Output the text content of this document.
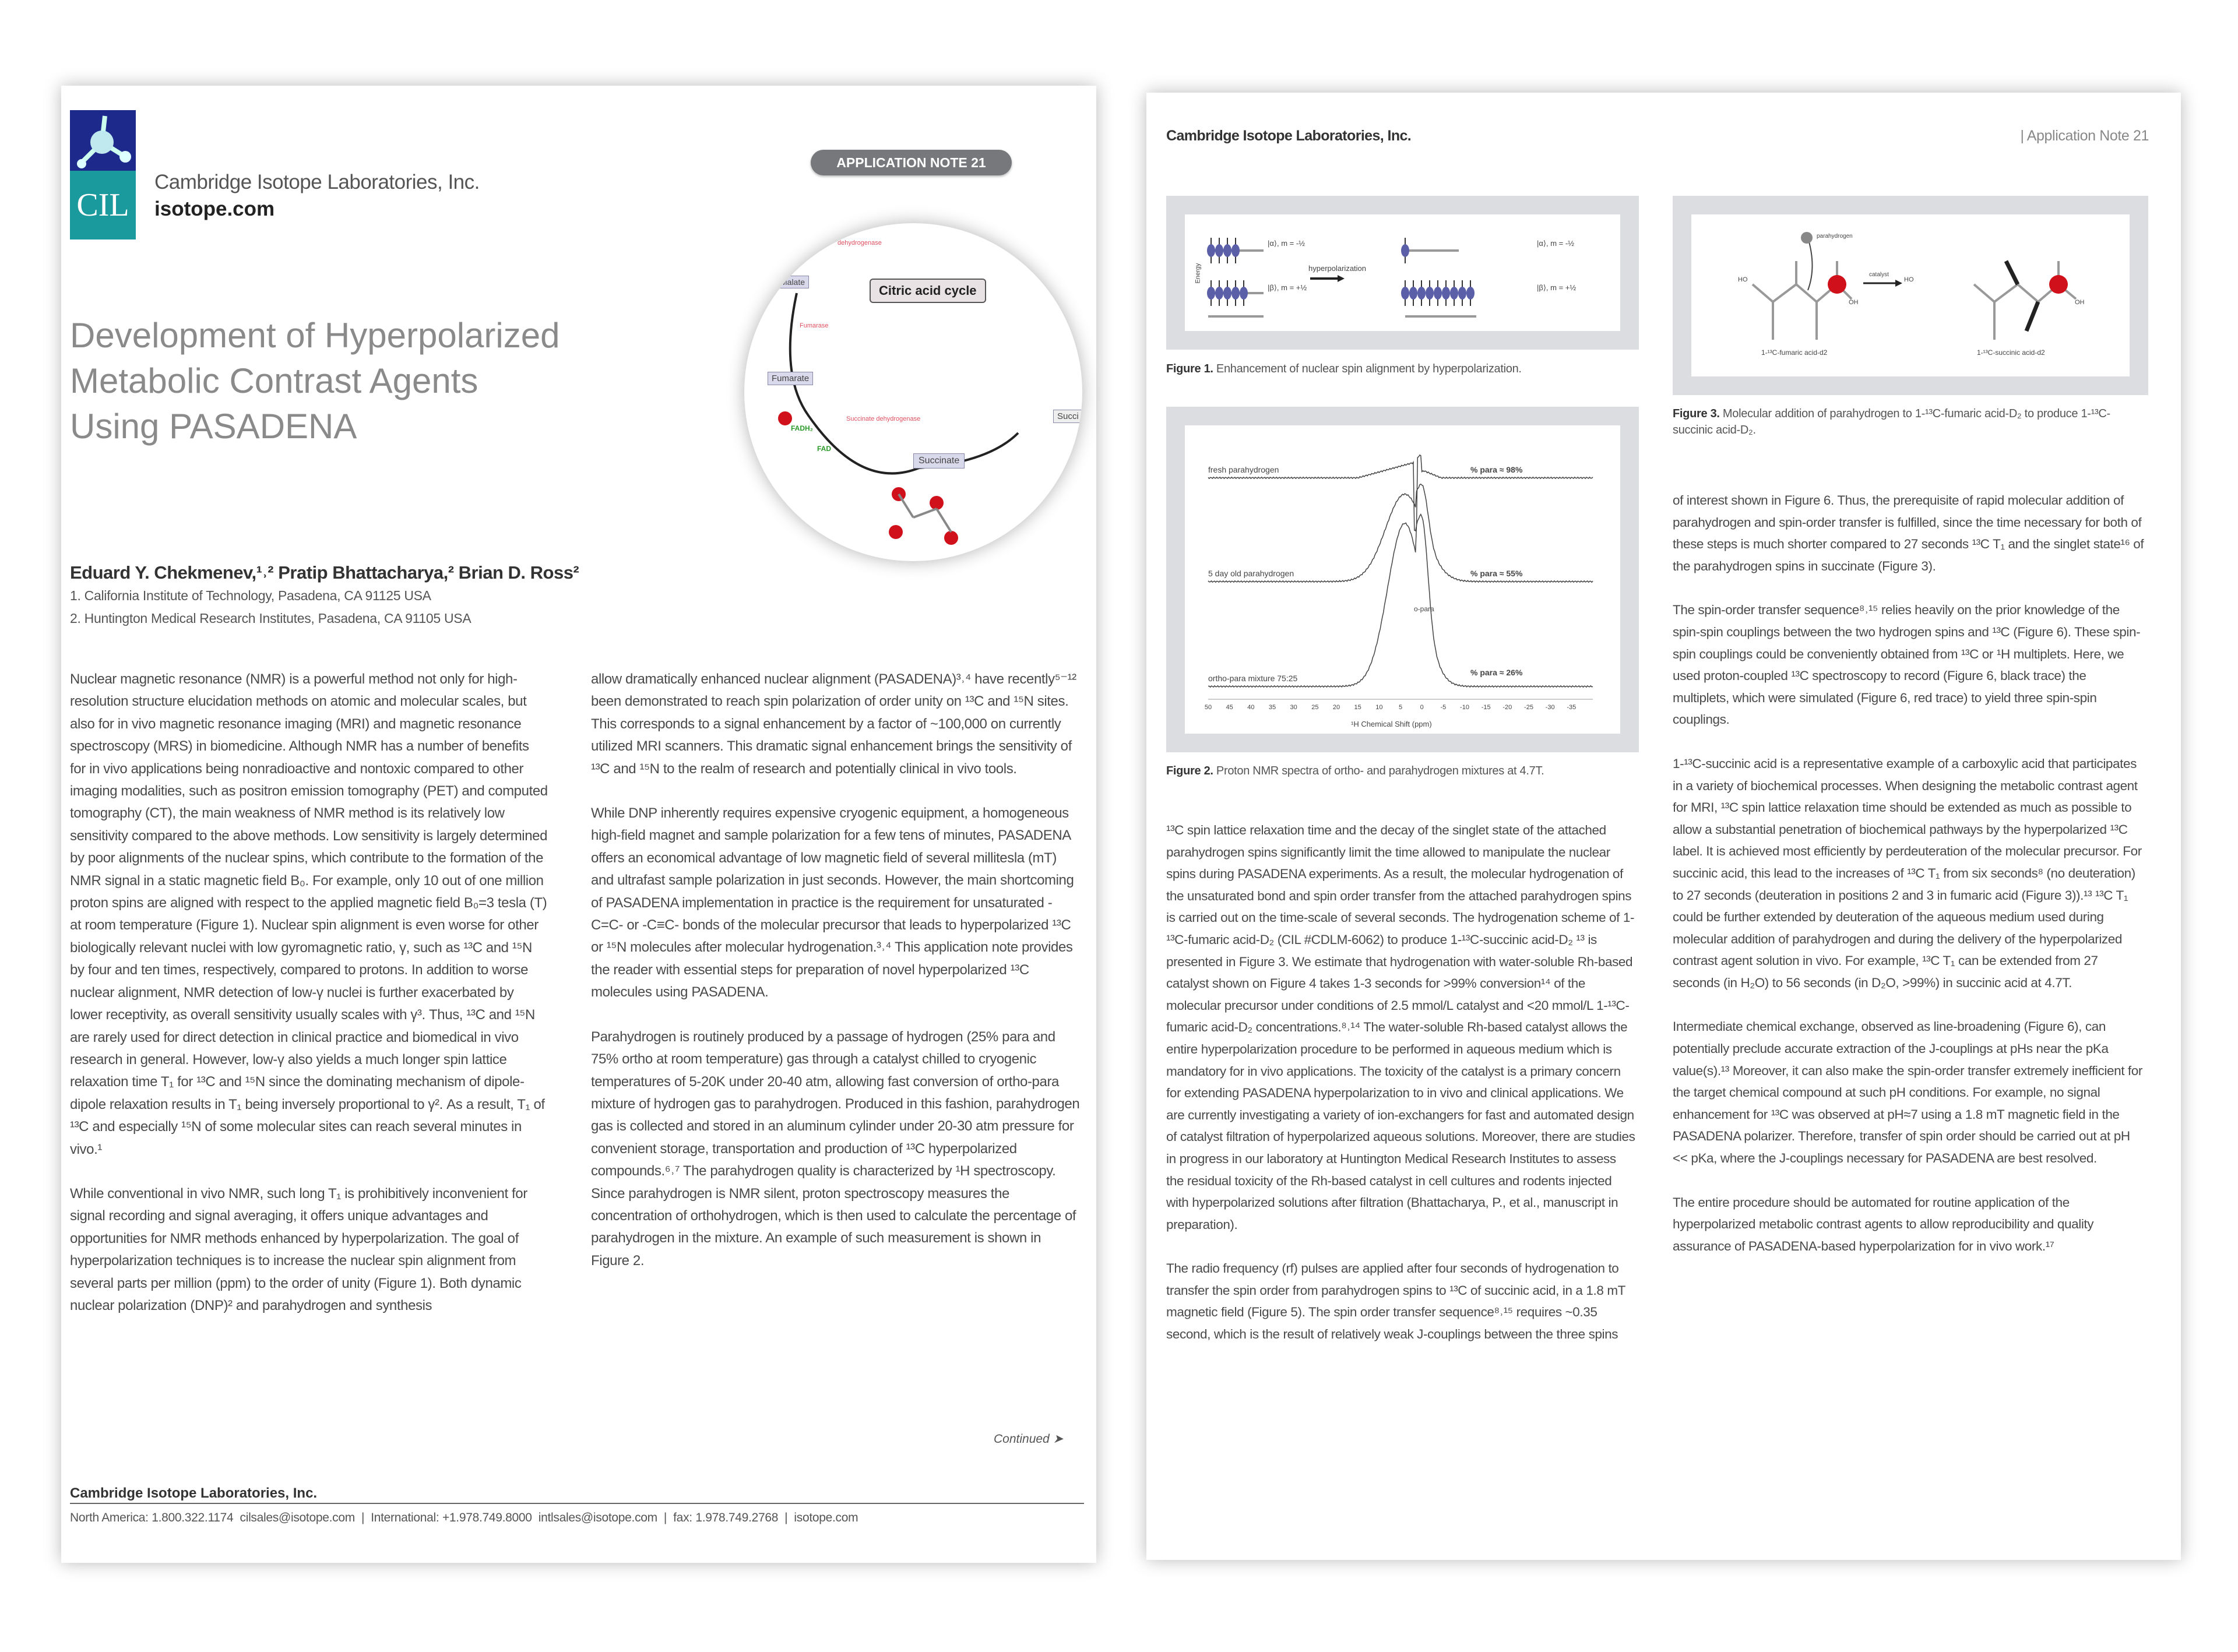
CIL
Cambridge Isotope Laboratories, Inc.
isotope.com
APPLICATION NOTE 21
Citric acid cycle
Malate
Fumarate
Succinate
Succi
dehydrogenase
Fumarase
Succinate dehydrogenase
FADH₂
FAD
Development of Hyperpolarized
Metabolic Contrast Agents
Using PASADENA
Eduard Y. Chekmenev,¹˒² Pratip Bhattacharya,² Brian D. Ross²
1. California Institute of Technology, Pasadena, CA 91125 USA
2. Huntington Medical Research Institutes, Pasadena, CA 91105 USA

Nuclear magnetic resonance (NMR) is a powerful method not only for high-resolution structure elucidation methods on atomic and molecular scales, but also for in vivo magnetic resonance imaging (MRI) and magnetic resonance spectroscopy (MRS) in biomedicine. Although NMR has a number of benefits for in vivo applications being nonradioactive and nontoxic compared to other imaging modalities, such as positron emission tomography (PET) and computed tomography (CT), the main weakness of NMR method is its relatively low sensitivity compared to the above methods. Low sensitivity is largely determined by poor alignments of the nuclear spins, which contribute to the formation of the NMR signal in a static magnetic field B₀. For example, only 10 out of one million proton spins are aligned with respect to the applied magnetic field B₀=3 tesla (T) at room temperature (Figure 1). Nuclear spin alignment is even worse for other biologically relevant nuclei with low gyromagnetic ratio, γ, such as ¹³C and ¹⁵N by four and ten times, respectively, compared to protons. In addition to worse nuclear alignment, NMR detection of low-γ nuclei is further exacerbated by lower receptivity, as overall sensitivity usually scales with γ³. Thus, ¹³C and ¹⁵N are rarely used for direct detection in clinical practice and biomedical in vivo research in general. However, low-γ also yields a much longer spin lattice relaxation time T₁ for ¹³C and ¹⁵N since the dominating mechanism of dipole-dipole relaxation results in T₁ being inversely proportional to γ². As a result, T₁ of ¹³C and especially ¹⁵N of some molecular sites can reach several minutes in vivo.¹

While conventional in vivo NMR, such long T₁ is prohibitively inconvenient for signal recording and signal averaging, it offers unique advantages and opportunities for NMR methods enhanced by hyperpolarization. The goal of hyperpolarization techniques is to increase the nuclear spin alignment from several parts per million (ppm) to the order of unity (Figure 1). Both dynamic nuclear polarization (DNP)² and parahydrogen and synthesis

allow dramatically enhanced nuclear alignment (PASADENA)³˒⁴ have recently⁵⁻¹² been demonstrated to reach spin polarization of order unity on ¹³C and ¹⁵N sites. This corresponds to a signal enhancement by a factor of ~100,000 on currently utilized MRI scanners. This dramatic signal enhancement brings the sensitivity of ¹³C and ¹⁵N to the realm of research and potentially clinical in vivo tools.

While DNP inherently requires expensive cryogenic equipment, a homogeneous high-field magnet and sample polarization for a few tens of minutes, PASADENA offers an economical advantage of low magnetic field of several millitesla (mT) and ultrafast sample polarization in just seconds. However, the main shortcoming of PASADENA implementation in practice is the requirement for unsaturated -C=C- or -C≡C- bonds of the molecular precursor that leads to hyperpolarized ¹³C or ¹⁵N molecules after molecular hydrogenation.³˒⁴ This application note provides the reader with essential steps for preparation of novel hyperpolarized ¹³C molecules using PASADENA.

Parahydrogen is routinely produced by a passage of hydrogen (25% para and 75% ortho at room temperature) gas through a catalyst chilled to cryogenic temperatures of 5-20K under 20-40 atm, allowing fast conversion of ortho-para mixture of hydrogen gas to parahydrogen. Produced in this fashion, parahydrogen gas is collected and stored in an aluminum cylinder under 20-30 atm pressure for convenient storage, transportation and production of ¹³C hyperpolarized compounds.⁶˒⁷ The parahydrogen quality is characterized by ¹H spectroscopy. Since parahydrogen is NMR silent, proton spectroscopy measures the concentration of orthohydrogen, which is then used to calculate the percentage of parahydrogen in the mixture. An example of such measurement is shown in Figure 2.

Continued ➤
Cambridge Isotope Laboratories, Inc.
North America: 1.800.322.1174  cilsales@isotope.com  |  International: +1.978.749.8000  intlsales@isotope.com  |  fax: 1.978.749.2768  |  isotope.com
Cambridge Isotope Laboratories, Inc.	| Application Note 21
hyperpolarization
|α⟩, m = -½
|β⟩, m = +½
|α⟩, m = -½
|β⟩, m = +½
Energy
Figure 1. Enhancement of nuclear spin alignment by hyperpolarization.
fresh parahydrogen	% para ≈ 98%
5 day old parahydrogen	% para ≈ 55%
ortho-para mixture 75:25
% para ≈ 26%
o-para
50	45	40	35	30	25	20	15	10	5	0	-5	-10	-15	-20	-25	-30	-35
¹H Chemical Shift (ppm)
Figure 2. Proton NMR spectra of ortho- and parahydrogen mixtures at 4.7T.
parahydrogen
catalyst
HO
OH
HO
OH
1-¹³C-fumaric acid-d2	1-¹³C-succinic acid-d2
Figure 3. Molecular addition of parahydrogen to 1-¹³C-fumaric acid-D₂ to produce 1-¹³C-succinic acid-D₂.

¹³C spin lattice relaxation time and the decay of the singlet state of the attached parahydrogen spins significantly limit the time allowed to manipulate the nuclear spins during PASADENA experiments. As a result, the molecular hydrogenation of the unsaturated bond and spin order transfer from the attached parahydrogen spins is carried out on the time-scale of several seconds. The hydrogenation scheme of 1-¹³C-fumaric acid-D₂ (CIL #CDLM-6062) to produce 1-¹³C-succinic acid-D₂ ¹³ is presented in Figure 3. We estimate that hydrogenation with water-soluble Rh-based catalyst shown on Figure 4 takes 1-3 seconds for >99% conversion¹⁴ of the molecular precursor under conditions of 2.5 mmol/L catalyst and <20 mmol/L 1-¹³C-fumaric acid-D₂ concentrations.⁸˒¹⁴ The water-soluble Rh-based catalyst allows the entire hyperpolarization procedure to be performed in aqueous medium which is mandatory for in vivo applications. The toxicity of the catalyst is a primary concern for extending PASADENA hyperpolarization to in vivo and clinical applications. We are currently investigating a variety of ion-exchangers for fast and automated design of catalyst filtration of hyperpolarized aqueous solutions. Moreover, there are studies in progress in our laboratory at Huntington Medical Research Institutes to assess the residual toxicity of the Rh-based catalyst in cell cultures and rodents injected with hyperpolarized solutions after filtration (Bhattacharya, P., et al., manuscript in preparation).

The radio frequency (rf) pulses are applied after four seconds of hydrogenation to transfer the spin order from parahydrogen spins to ¹³C of succinic acid, in a 1.8 mT magnetic field (Figure 5). The spin order transfer sequence⁸˒¹⁵ requires ~0.35 second, which is the result of relatively weak J-couplings between the three spins

of interest shown in Figure 6. Thus, the prerequisite of rapid molecular addition of parahydrogen and spin-order transfer is fulfilled, since the time necessary for both of these steps is much shorter compared to 27 seconds ¹³C T₁ and the singlet state¹⁶ of the parahydrogen spins in succinate (Figure 3).

The spin-order transfer sequence⁸˒¹⁵ relies heavily on the prior knowledge of the spin-spin couplings between the two hydrogen spins and ¹³C (Figure 6). These spin-spin couplings could be conveniently obtained from ¹³C or ¹H multiplets. Here, we used proton-coupled ¹³C spectroscopy to record (Figure 6, black trace) the multiplets, which were simulated (Figure 6, red trace) to yield three spin-spin couplings.

1-¹³C-succinic acid is a representative example of a carboxylic acid that participates in a variety of biochemical processes. When designing the metabolic contrast agent for MRI, ¹³C spin lattice relaxation time should be extended as much as possible to allow a substantial penetration of biochemical pathways by the hyperpolarized ¹³C label. It is achieved most efficiently by perdeuteration of the molecular precursor. For succinic acid, this lead to the increases of ¹³C T₁ from six seconds⁸ (no deuteration) to 27 seconds (deuteration in positions 2 and 3 in fumaric acid (Figure 3)).¹³ ¹³C T₁ could be further extended by deuteration of the aqueous medium used during molecular addition of parahydrogen and during the delivery of the hyperpolarized contrast agent solution in vivo. For example, ¹³C T₁ can be extended from 27 seconds (in H₂O) to 56 seconds (in D₂O, >99%) in succinic acid at 4.7T.

Intermediate chemical exchange, observed as line-broadening (Figure 6), can potentially preclude accurate extraction of the J-couplings at pHs near the pKa value(s).¹³ Moreover, it can also make the spin-order transfer extremely inefficient for the target chemical compound at such pH conditions. For example, no signal enhancement for ¹³C was observed at pH≈7 using a 1.8 mT magnetic field in the PASADENA polarizer. Therefore, transfer of spin order should be carried out at pH << pKa, where the J-couplings necessary for PASADENA are best resolved.

The entire procedure should be automated for routine application of the hyperpolarized metabolic contrast agents to allow reproducibility and quality assurance of PASADENA-based hyperpolarization for in vivo work.¹⁷
